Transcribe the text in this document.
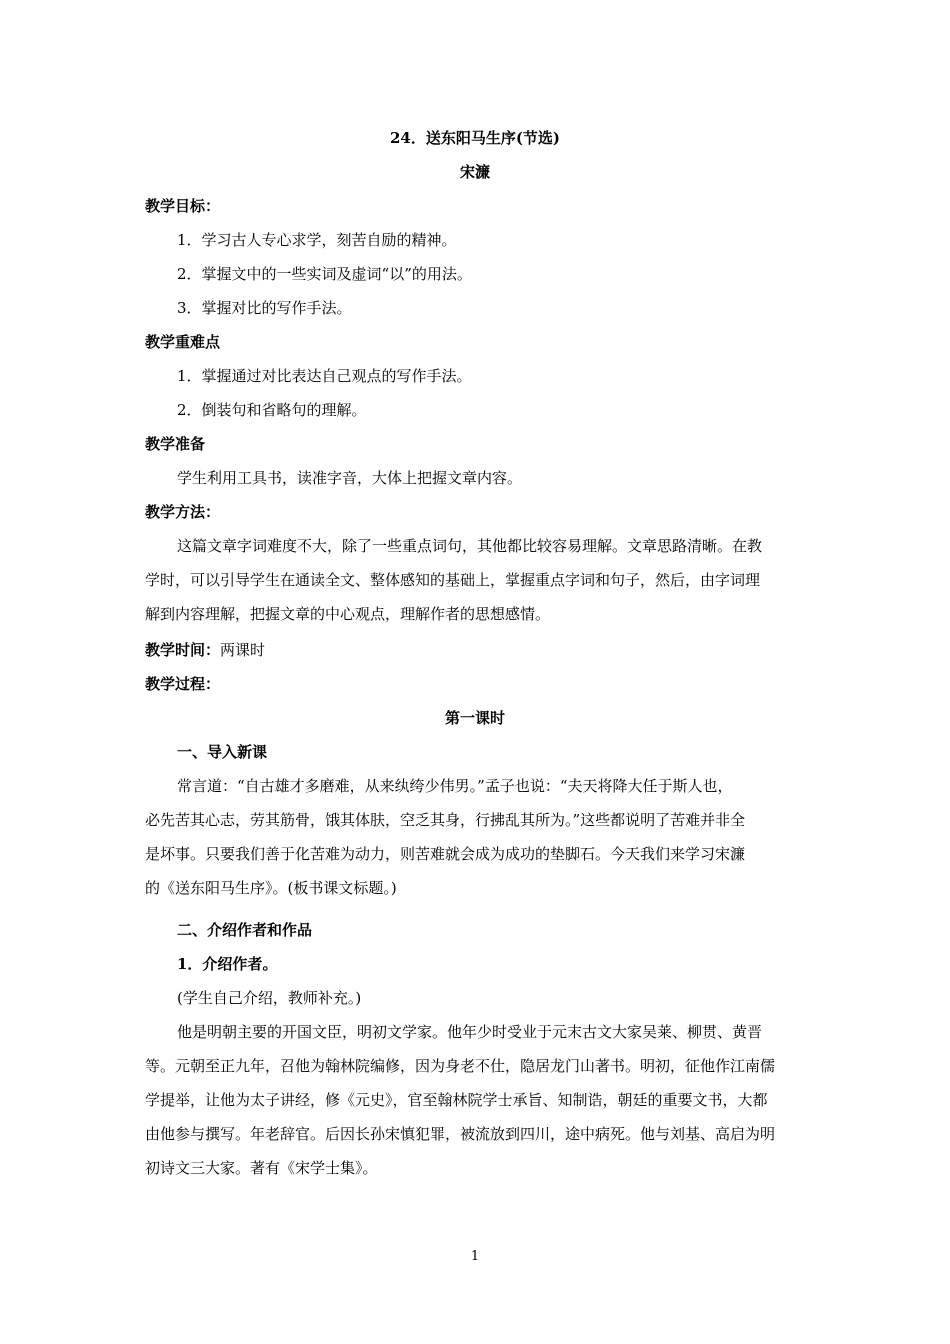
24．送东阳马生序(节选)
宋濂
教学目标：
1．学习古人专心求学，刻苦自励的精神。
2．掌握文中的一些实词及虚词“以”的用法。
3．掌握对比的写作手法。
教学重难点
1．掌握通过对比表达自己观点的写作手法。
2．倒装句和省略句的理解。
教学准备
学生利用工具书，读准字音，大体上把握文章内容。
教学方法：
这篇文章字词难度不大，除了一些重点词句，其他都比较容易理解。文章思路清晰。在教
学时，可以引导学生在通读全文、整体感知的基础上，掌握重点字词和句子，然后，由字词理
解到内容理解，把握文章的中心观点，理解作者的思想感情。
教学时间：两课时
教学过程：
第一课时
一、导入新课
常言道：“自古雄才多磨难，从来纨绔少伟男。”孟子也说：“夫天将降大任于斯人也，
必先苦其心志，劳其筋骨，饿其体肤，空乏其身，行拂乱其所为。”这些都说明了苦难并非全
是坏事。只要我们善于化苦难为动力，则苦难就会成为成功的垫脚石。今天我们来学习宋濂
的《送东阳马生序》。(板书课文标题。)
二、介绍作者和作品
1．介绍作者。
(学生自己介绍，教师补充。)
他是明朝主要的开国文臣，明初文学家。他年少时受业于元末古文大家吴莱、柳贯、黄晋
等。元朝至正九年，召他为翰林院编修，因为身老不仕，隐居龙门山著书。明初，征他作江南儒
学提举，让他为太子讲经，修《元史》，官至翰林院学士承旨、知制诰，朝廷的重要文书，大都
由他参与撰写。年老辞官。后因长孙宋慎犯罪，被流放到四川，途中病死。他与刘基、高启为明
初诗文三大家。著有《宋学士集》。
1
